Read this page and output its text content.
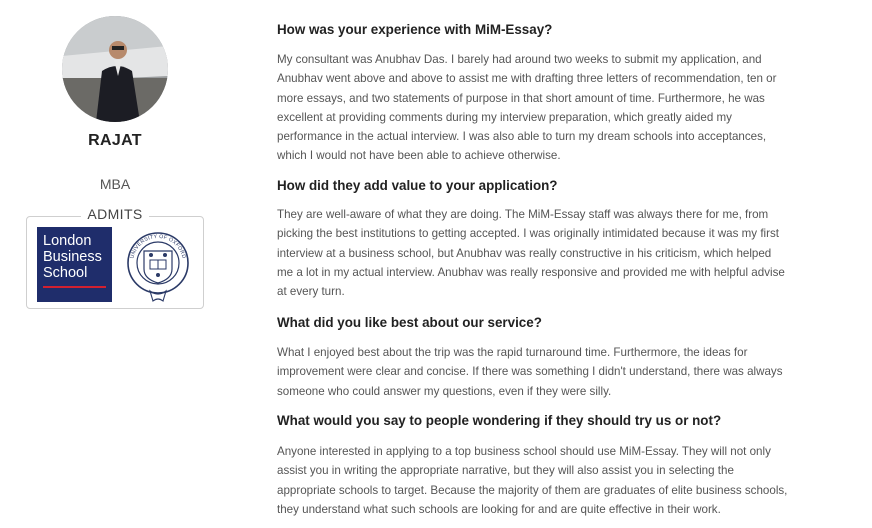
RAJAT
MBA
London
Business
School
UNIVERSITY OF OXFORD
ADMITS
How was your experience with MiM-Essay?
My consultant was Anubhav Das. I barely had around two weeks to submit my application, and
Anubhav went above and above to assist me with drafting three letters of recommendation, ten or
more essays, and two statements of purpose in that short amount of time. Furthermore, he was
excellent at providing comments during my interview preparation, which greatly aided my
performance in the actual interview. I was also able to turn my dream schools into acceptances,
which I would not have been able to achieve otherwise.
How did they add value to your application?
They are well-aware of what they are doing. The MiM-Essay staff was always there for me, from
picking the best institutions to getting accepted. I was originally intimidated because it was my first
interview at a business school, but Anubhav was really constructive in his criticism, which helped
me a lot in my actual interview. Anubhav was really responsive and provided me with helpful advise
at every turn.
What did you like best about our service?
What I enjoyed best about the trip was the rapid turnaround time. Furthermore, the ideas for
improvement were clear and concise. If there was something I didn't understand, there was always
someone who could answer my questions, even if they were silly.
What would you say to people wondering if they should try us or not?
Anyone interested in applying to a top business school should use MiM-Essay. They will not only
assist you in writing the appropriate narrative, but they will also assist you in selecting the
appropriate schools to target. Because the majority of them are graduates of elite business schools,
they understand what such schools are looking for and are quite effective in their work.
